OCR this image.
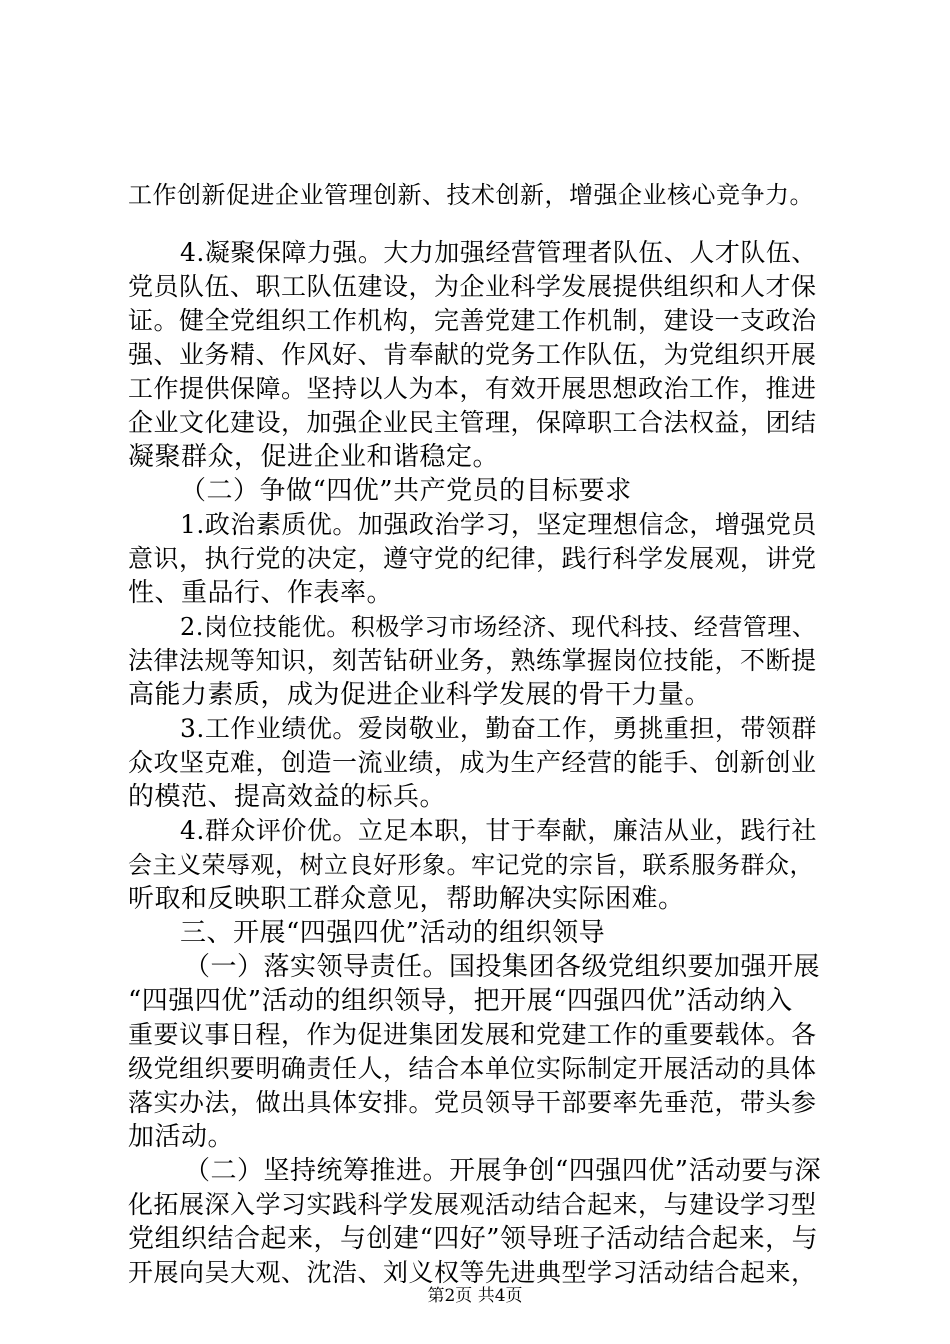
工作创新促进企业管理创新、技术创新，增强企业核心竞争力。
4.凝聚保障力强。大力加强经营管理者队伍、人才队伍、
党员队伍、职工队伍建设，为企业科学发展提供组织和人才保
证。健全党组织工作机构，完善党建工作机制，建设一支政治
强、业务精、作风好、肯奉献的党务工作队伍，为党组织开展
工作提供保障。坚持以人为本，有效开展思想政治工作，推进
企业文化建设，加强企业民主管理，保障职工合法权益，团结
凝聚群众，促进企业和谐稳定。
（二）争做“四优”共产党员的目标要求
1.政治素质优。加强政治学习，坚定理想信念，增强党员
意识，执行党的决定，遵守党的纪律，践行科学发展观，讲党
性、重品行、作表率。
2.岗位技能优。积极学习市场经济、现代科技、经营管理、
法律法规等知识，刻苦钻研业务，熟练掌握岗位技能，不断提
高能力素质，成为促进企业科学发展的骨干力量。
3.工作业绩优。爱岗敬业，勤奋工作，勇挑重担，带领群
众攻坚克难，创造一流业绩，成为生产经营的能手、创新创业
的模范、提高效益的标兵。
4.群众评价优。立足本职，甘于奉献，廉洁从业，践行社
会主义荣辱观，树立良好形象。牢记党的宗旨，联系服务群众，
听取和反映职工群众意见，帮助解决实际困难。
三、开展“四强四优”活动的组织领导
（一）落实领导责任。国投集团各级党组织要加强开展
“四强四优”活动的组织领导，把开展“四强四优”活动纳入
重要议事日程，作为促进集团发展和党建工作的重要载体。各
级党组织要明确责任人，结合本单位实际制定开展活动的具体
落实办法，做出具体安排。党员领导干部要率先垂范，带头参
加活动。
（二）坚持统筹推进。开展争创“四强四优”活动要与深
化拓展深入学习实践科学发展观活动结合起来，与建设学习型
党组织结合起来，与创建“四好”领导班子活动结合起来，与
开展向吴大观、沈浩、刘义权等先进典型学习活动结合起来，
第2页 共4页
